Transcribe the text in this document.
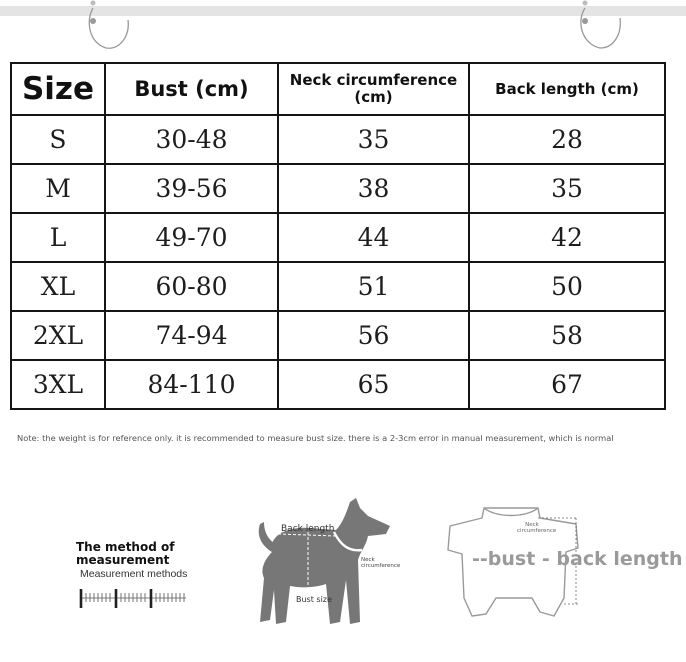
Size	Bust (cm)	Neck circumference (cm)	Back length (cm)
S	30-48	35	28
M	39-56	38	35
L	49-70	44	42
XL	60-80	51	50
2XL	74-94	56	58
3XL	84-110	65	67
Note: the weight is for reference only. it is recommended to measure bust size. there is a 2-3cm error in manual measurement, which is normal
The method of measurement
Measurement methods
Back length
Neck circumference
Bust size
Neck circumference
--bust - back length
